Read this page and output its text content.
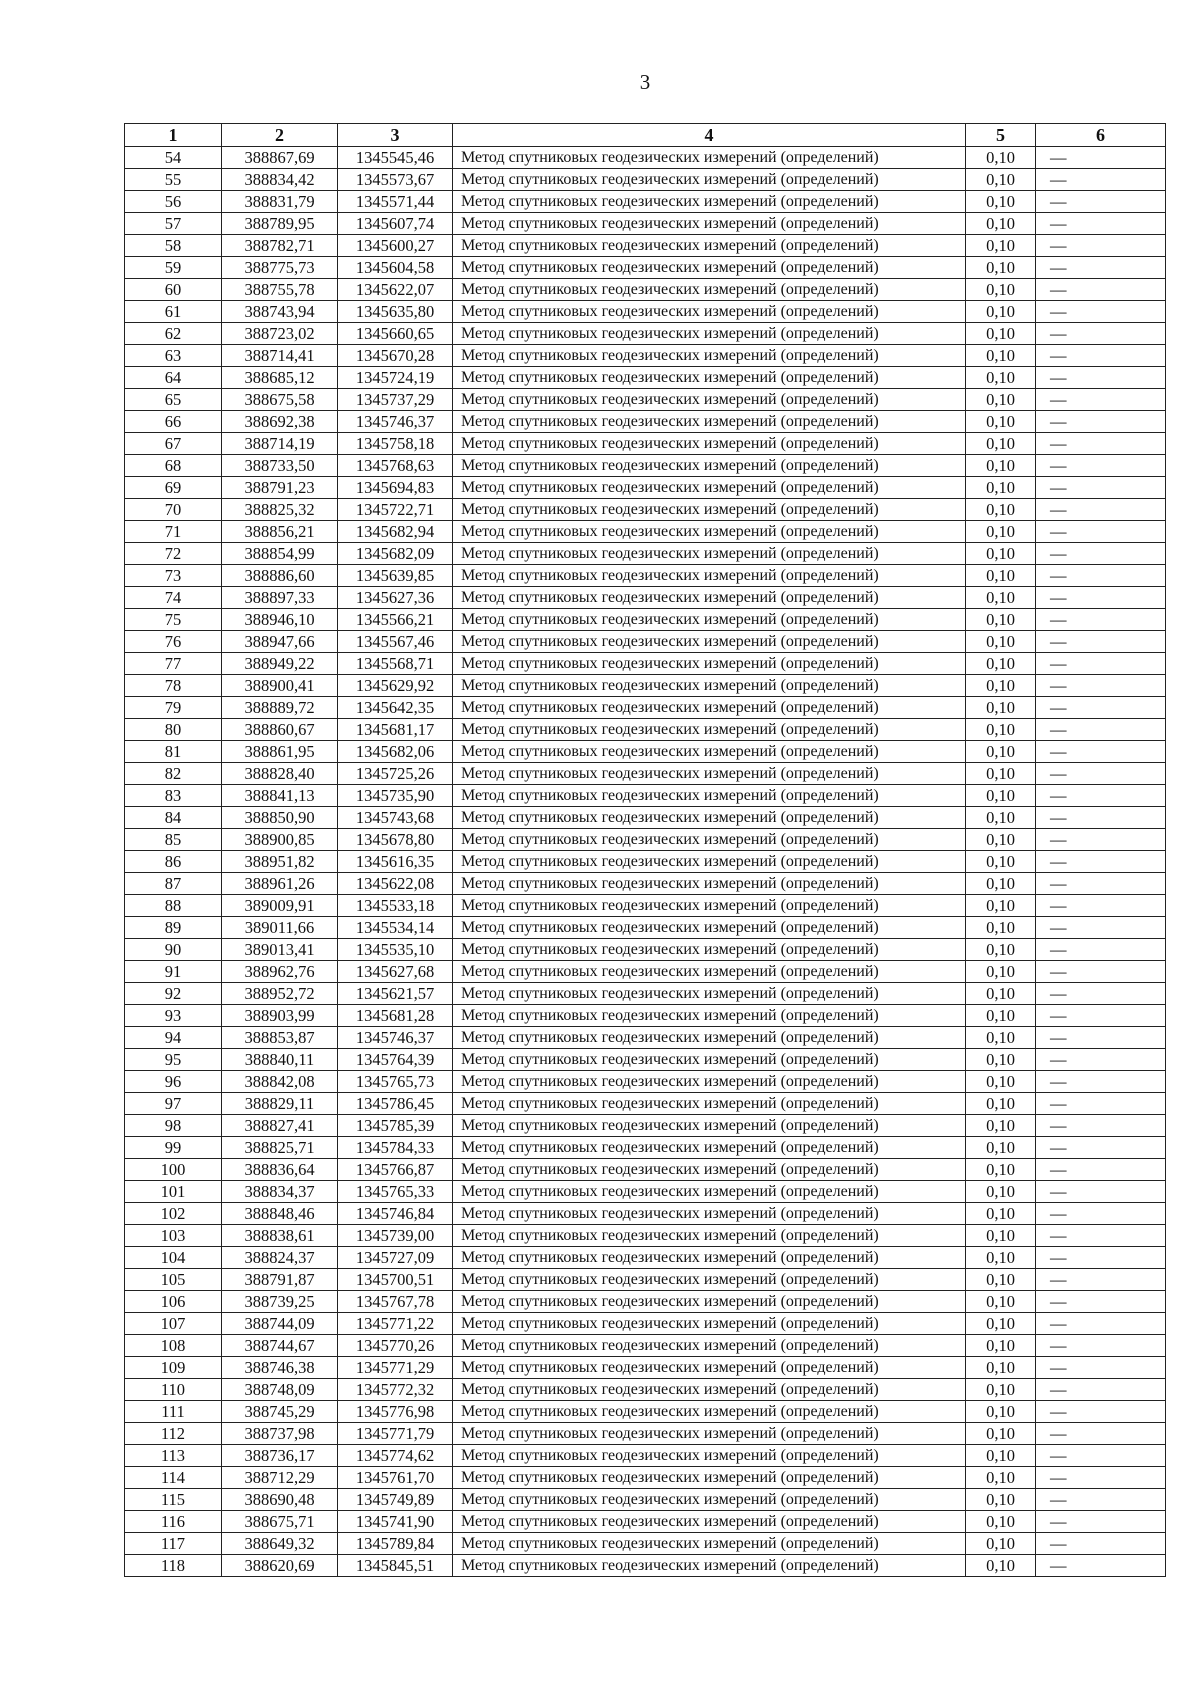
3
1	2	3	4	5	6
54	388867,69	1345545,46	Метод спутниковых геодезических измерений (определений)	0,10	—
55	388834,42	1345573,67	Метод спутниковых геодезических измерений (определений)	0,10	—
56	388831,79	1345571,44	Метод спутниковых геодезических измерений (определений)	0,10	—
57	388789,95	1345607,74	Метод спутниковых геодезических измерений (определений)	0,10	—
58	388782,71	1345600,27	Метод спутниковых геодезических измерений (определений)	0,10	—
59	388775,73	1345604,58	Метод спутниковых геодезических измерений (определений)	0,10	—
60	388755,78	1345622,07	Метод спутниковых геодезических измерений (определений)	0,10	—
61	388743,94	1345635,80	Метод спутниковых геодезических измерений (определений)	0,10	—
62	388723,02	1345660,65	Метод спутниковых геодезических измерений (определений)	0,10	—
63	388714,41	1345670,28	Метод спутниковых геодезических измерений (определений)	0,10	—
64	388685,12	1345724,19	Метод спутниковых геодезических измерений (определений)	0,10	—
65	388675,58	1345737,29	Метод спутниковых геодезических измерений (определений)	0,10	—
66	388692,38	1345746,37	Метод спутниковых геодезических измерений (определений)	0,10	—
67	388714,19	1345758,18	Метод спутниковых геодезических измерений (определений)	0,10	—
68	388733,50	1345768,63	Метод спутниковых геодезических измерений (определений)	0,10	—
69	388791,23	1345694,83	Метод спутниковых геодезических измерений (определений)	0,10	—
70	388825,32	1345722,71	Метод спутниковых геодезических измерений (определений)	0,10	—
71	388856,21	1345682,94	Метод спутниковых геодезических измерений (определений)	0,10	—
72	388854,99	1345682,09	Метод спутниковых геодезических измерений (определений)	0,10	—
73	388886,60	1345639,85	Метод спутниковых геодезических измерений (определений)	0,10	—
74	388897,33	1345627,36	Метод спутниковых геодезических измерений (определений)	0,10	—
75	388946,10	1345566,21	Метод спутниковых геодезических измерений (определений)	0,10	—
76	388947,66	1345567,46	Метод спутниковых геодезических измерений (определений)	0,10	—
77	388949,22	1345568,71	Метод спутниковых геодезических измерений (определений)	0,10	—
78	388900,41	1345629,92	Метод спутниковых геодезических измерений (определений)	0,10	—
79	388889,72	1345642,35	Метод спутниковых геодезических измерений (определений)	0,10	—
80	388860,67	1345681,17	Метод спутниковых геодезических измерений (определений)	0,10	—
81	388861,95	1345682,06	Метод спутниковых геодезических измерений (определений)	0,10	—
82	388828,40	1345725,26	Метод спутниковых геодезических измерений (определений)	0,10	—
83	388841,13	1345735,90	Метод спутниковых геодезических измерений (определений)	0,10	—
84	388850,90	1345743,68	Метод спутниковых геодезических измерений (определений)	0,10	—
85	388900,85	1345678,80	Метод спутниковых геодезических измерений (определений)	0,10	—
86	388951,82	1345616,35	Метод спутниковых геодезических измерений (определений)	0,10	—
87	388961,26	1345622,08	Метод спутниковых геодезических измерений (определений)	0,10	—
88	389009,91	1345533,18	Метод спутниковых геодезических измерений (определений)	0,10	—
89	389011,66	1345534,14	Метод спутниковых геодезических измерений (определений)	0,10	—
90	389013,41	1345535,10	Метод спутниковых геодезических измерений (определений)	0,10	—
91	388962,76	1345627,68	Метод спутниковых геодезических измерений (определений)	0,10	—
92	388952,72	1345621,57	Метод спутниковых геодезических измерений (определений)	0,10	—
93	388903,99	1345681,28	Метод спутниковых геодезических измерений (определений)	0,10	—
94	388853,87	1345746,37	Метод спутниковых геодезических измерений (определений)	0,10	—
95	388840,11	1345764,39	Метод спутниковых геодезических измерений (определений)	0,10	—
96	388842,08	1345765,73	Метод спутниковых геодезических измерений (определений)	0,10	—
97	388829,11	1345786,45	Метод спутниковых геодезических измерений (определений)	0,10	—
98	388827,41	1345785,39	Метод спутниковых геодезических измерений (определений)	0,10	—
99	388825,71	1345784,33	Метод спутниковых геодезических измерений (определений)	0,10	—
100	388836,64	1345766,87	Метод спутниковых геодезических измерений (определений)	0,10	—
101	388834,37	1345765,33	Метод спутниковых геодезических измерений (определений)	0,10	—
102	388848,46	1345746,84	Метод спутниковых геодезических измерений (определений)	0,10	—
103	388838,61	1345739,00	Метод спутниковых геодезических измерений (определений)	0,10	—
104	388824,37	1345727,09	Метод спутниковых геодезических измерений (определений)	0,10	—
105	388791,87	1345700,51	Метод спутниковых геодезических измерений (определений)	0,10	—
106	388739,25	1345767,78	Метод спутниковых геодезических измерений (определений)	0,10	—
107	388744,09	1345771,22	Метод спутниковых геодезических измерений (определений)	0,10	—
108	388744,67	1345770,26	Метод спутниковых геодезических измерений (определений)	0,10	—
109	388746,38	1345771,29	Метод спутниковых геодезических измерений (определений)	0,10	—
110	388748,09	1345772,32	Метод спутниковых геодезических измерений (определений)	0,10	—
111	388745,29	1345776,98	Метод спутниковых геодезических измерений (определений)	0,10	—
112	388737,98	1345771,79	Метод спутниковых геодезических измерений (определений)	0,10	—
113	388736,17	1345774,62	Метод спутниковых геодезических измерений (определений)	0,10	—
114	388712,29	1345761,70	Метод спутниковых геодезических измерений (определений)	0,10	—
115	388690,48	1345749,89	Метод спутниковых геодезических измерений (определений)	0,10	—
116	388675,71	1345741,90	Метод спутниковых геодезических измерений (определений)	0,10	—
117	388649,32	1345789,84	Метод спутниковых геодезических измерений (определений)	0,10	—
118	388620,69	1345845,51	Метод спутниковых геодезических измерений (определений)	0,10	—
